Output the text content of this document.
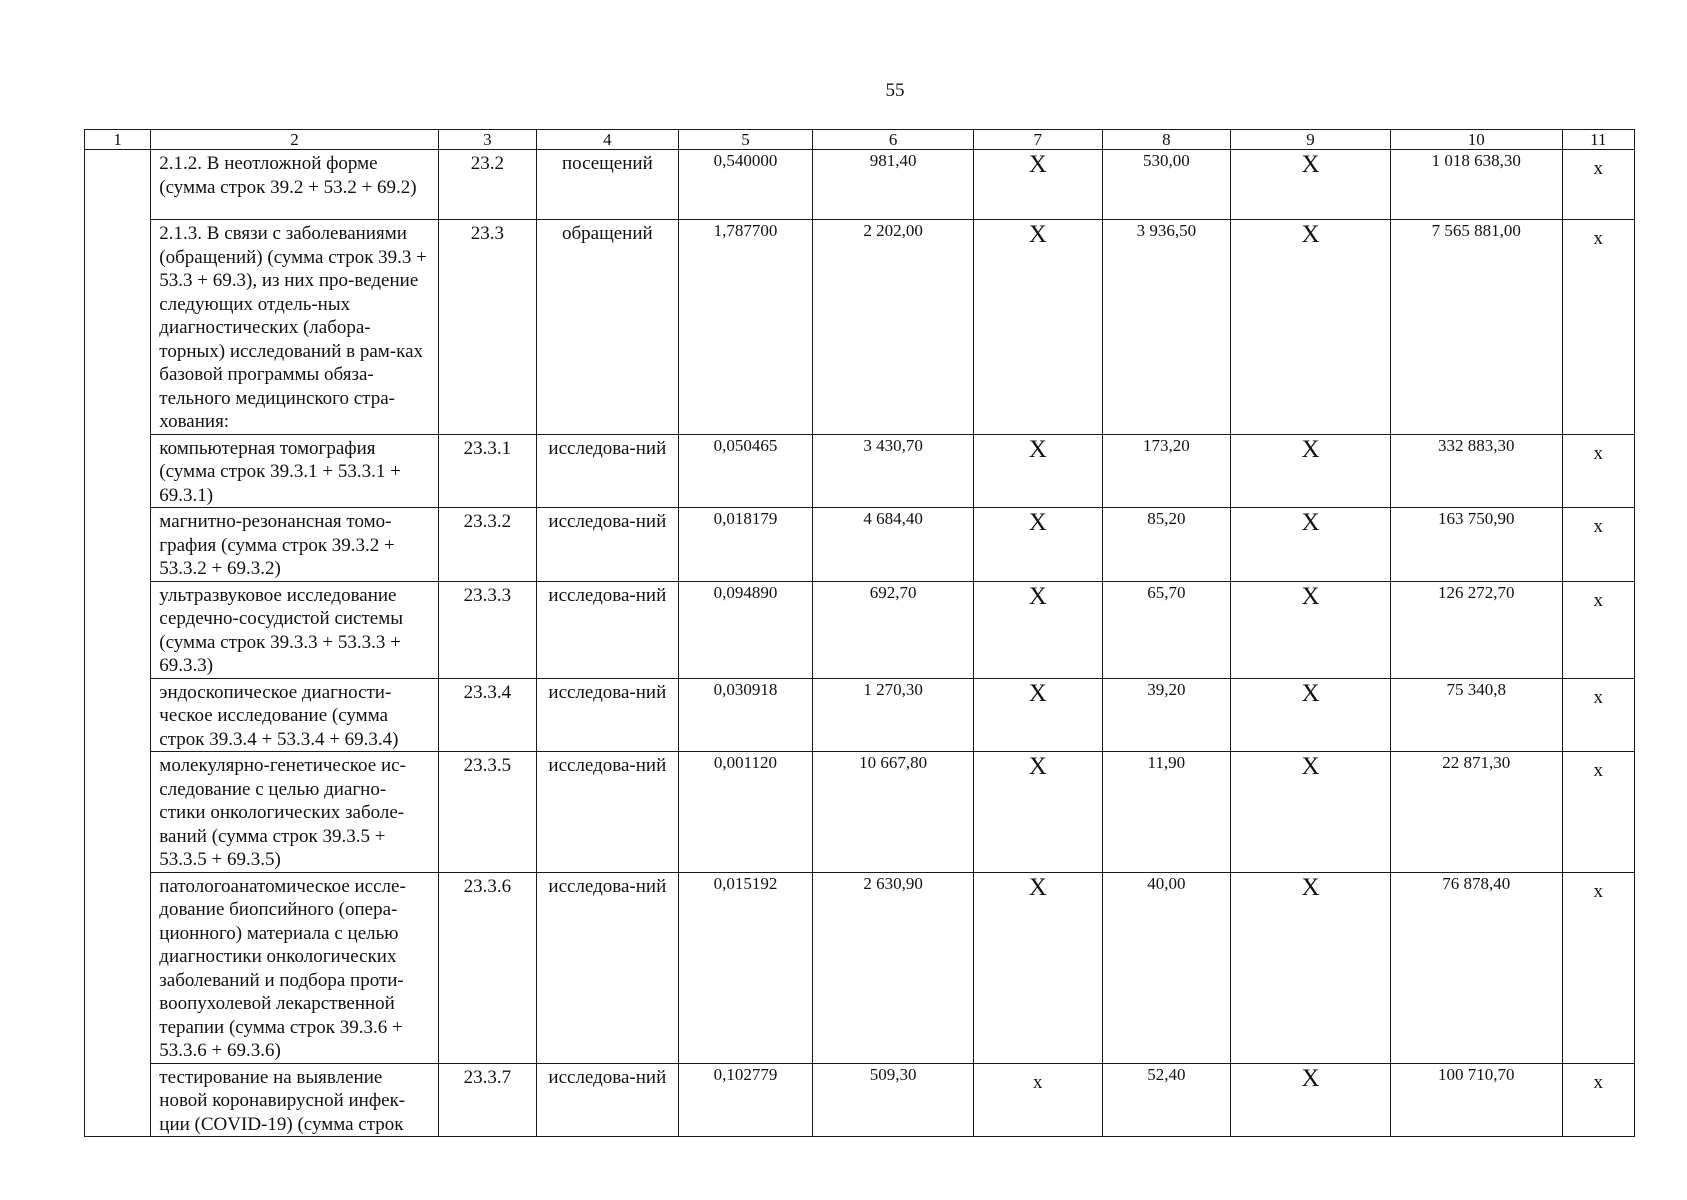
55
1	2	3	4	5	6	7	8	9	10	11
	2.1.2. В неотложной форме (сумма строк 39.2 + 53.2 + 69.2)	23.2	посещений	0,540000	981,40	Х	530,00	Х	1 018 638,30	х
	2.1.3. В связи с заболеваниями (обращений) (сумма строк 39.3 + 53.3 + 69.3), из них про-ведение следующих отдель-ных диагностических (лабора-торных) исследований в рам-ках базовой программы обяза-тельного медицинского стра-хования:	23.3	обращений	1,787700	2 202,00	Х	3 936,50	Х	7 565 881,00	х
	компьютерная томография (сумма строк 39.3.1 + 53.3.1 + 69.3.1)	23.3.1	исследова-ний	0,050465	3 430,70	Х	173,20	Х	332 883,30	х
	магнитно-резонансная томо-графия (сумма строк 39.3.2 + 53.3.2 + 69.3.2)	23.3.2	исследова-ний	0,018179	4 684,40	Х	85,20	Х	163 750,90	х
	ультразвуковое исследование сердечно-сосудистой системы (сумма строк 39.3.3 + 53.3.3 + 69.3.3)	23.3.3	исследова-ний	0,094890	692,70	Х	65,70	Х	126 272,70	х
	эндоскопическое диагности-ческое исследование (сумма строк 39.3.4 + 53.3.4 + 69.3.4)	23.3.4	исследова-ний	0,030918	1 270,30	Х	39,20	Х	75 340,8	х
	молекулярно-генетическое ис-следование с целью диагно-стики онкологических заболе-ваний (сумма строк 39.3.5 + 53.3.5 + 69.3.5)	23.3.5	исследова-ний	0,001120	10 667,80	Х	11,90	Х	22 871,30	х
	патологоанатомическое иссле-дование биопсийного (опера-ционного) материала с целью диагностики онкологических заболеваний и подбора проти-воопухолевой лекарственной терапии (сумма строк 39.3.6 + 53.3.6 + 69.3.6)	23.3.6	исследова-ний	0,015192	2 630,90	Х	40,00	Х	76 878,40	х
	тестирование на выявление новой коронавирусной инфек-ции (COVID-19) (сумма строк	23.3.7	исследова-ний	0,102779	509,30	х	52,40	Х	100 710,70	х
